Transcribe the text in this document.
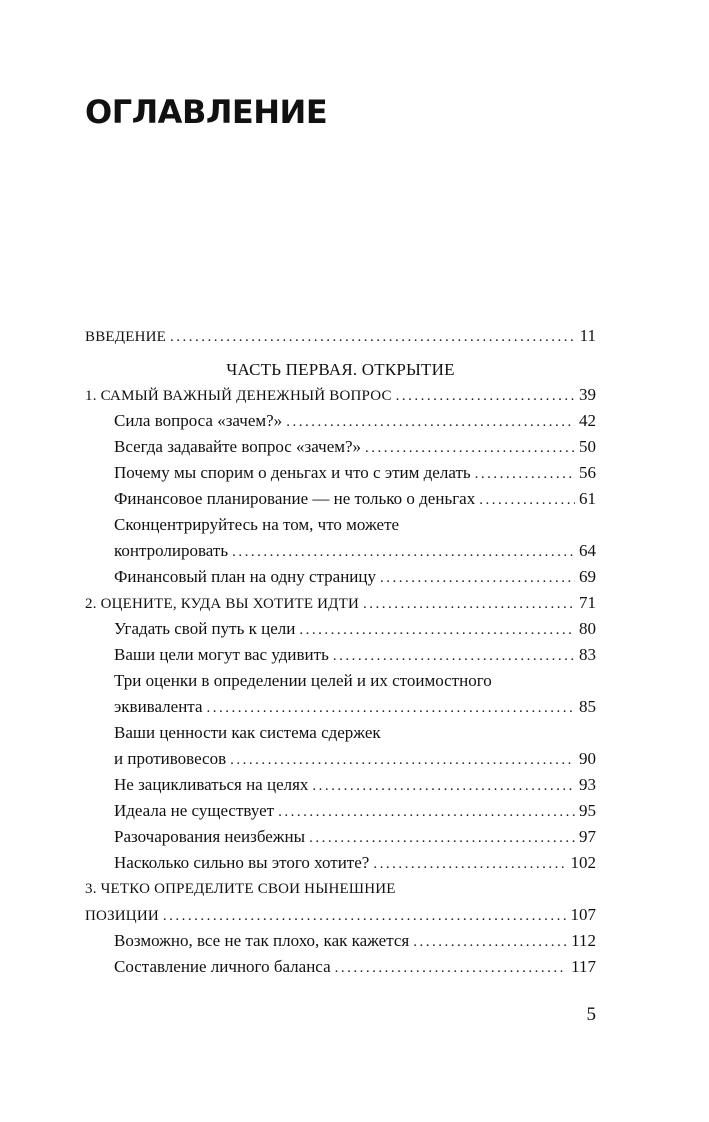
ОГЛАВЛЕНИЕ
ВВЕДЕНИЕ .....	11
ЧАСТЬ ПЕРВАЯ. ОТКРЫТИЕ
1. САМЫЙ ВАЖНЫЙ ДЕНЕЖНЫЙ ВОПРОС .....	39
Сила вопроса «зачем?» .....	42
Всегда задавайте вопрос «зачем?» .....	50
Почему мы спорим о деньгах и что с этим делать .....	56
Финансовое планирование — не только о деньгах .....	61
Сконцентрируйтесь на том, что можете
контролировать .....	64
Финансовый план на одну страницу .....	69
2. ОЦЕНИТЕ, КУДА ВЫ ХОТИТЕ ИДТИ .....	71
Угадать свой путь к цели .....	80
Ваши цели могут вас удивить .....	83
Три оценки в определении целей и их стоимостного
эквивалента .....	85
Ваши ценности как система сдержек
и противовесов .....	90
Не зацикливаться на целях .....	93
Идеала не существует .....	95
Разочарования неизбежны .....	97
Насколько сильно вы этого хотите? .....	102
3. ЧЕТКО ОПРЕДЕЛИТЕ СВОИ НЫНЕШНИЕ
ПОЗИЦИИ .....	107
Возможно, все не так плохо, как кажется .....	112
Составление личного баланса .....	117
5
